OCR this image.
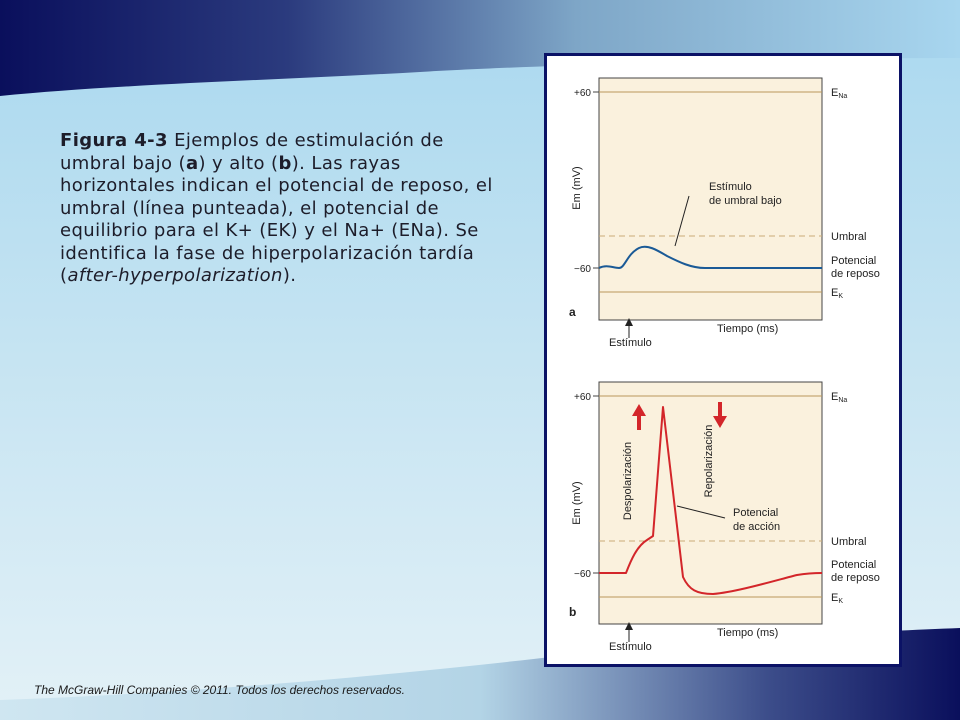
Figura 4-3 Ejemplos de estimulación de umbral bajo (a) y alto (b). Las rayas horizontales indican el potencial de reposo, el umbral (línea punteada), el potencial de equilibrio para el K+ (EK) y el Na+ (ENa). Se identifica la fase de hiperpolarización tardía (after-hyperpolarization).
The McGraw-Hill Companies © 2011. Todos los derechos reservados.
+60
−60
Em (mV)
a
ENa
Umbral
Potencial
de reposo
EK
Estímulo
de umbral bajo
Tiempo (ms)
Estímulo
+60
−60
Em (mV)
b
Despolarización	Repolarización
ENa
Umbral
Potencial
de reposo
EK
Potencial
de acción
Tiempo (ms)
Estímulo
